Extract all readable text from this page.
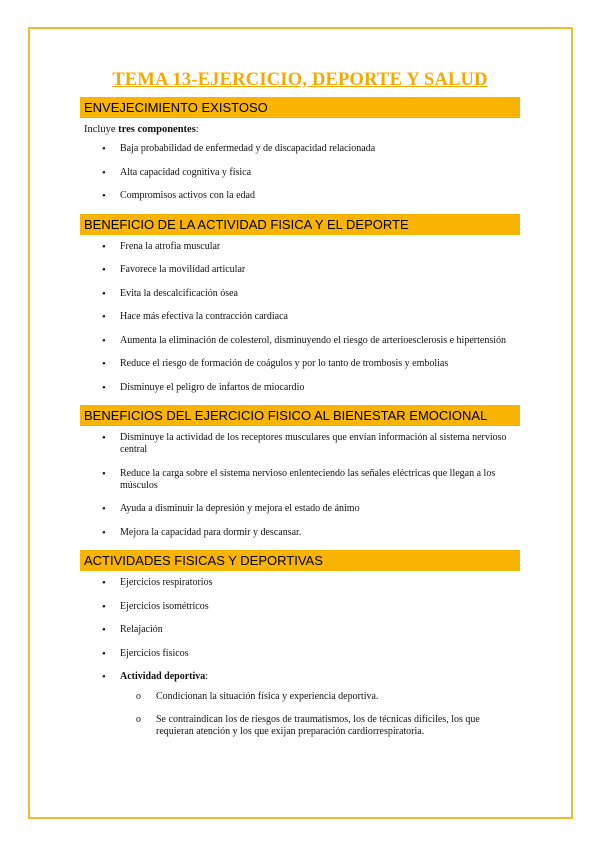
TEMA 13-EJERCICIO, DEPORTE Y SALUD
ENVEJECIMIENTO EXISTOSO
Incluye tres componentes:
• Baja probabilidad de enfermedad y de discapacidad relacionada
• Alta capacidad cognitiva y física
• Compromisos activos con la edad
BENEFICIO DE LA ACTIVIDAD FISICA Y EL DEPORTE
• Frena la atrofia muscular
• Favorece la movilidad articular
• Evita la descalcificación ósea
• Hace más efectiva la contracción cardiaca
• Aumenta la eliminación de colesterol, disminuyendo el riesgo de arterioesclerosis e hipertensión
• Reduce el riesgo de formación de coágulos y por lo tanto de trombosis y embolias
• Disminuye el peligro de infartos de miocardio
BENEFICIOS DEL EJERCICIO FISICO AL BIENESTAR EMOCIONAL
• Disminuye la actividad de los receptores musculares que envían información al sistema nervioso central
• Reduce la carga sobre el sistema nervioso enlenteciendo las señales eléctricas que llegan a los músculos
• Ayuda a disminuir la depresión y mejora el estado de ánimo
• Mejora la capacidad para dormir y descansar.
ACTIVIDADES FISICAS Y DEPORTIVAS
• Ejercicios respiratorios
• Ejercicios isométricos
• Relajación
• Ejercicios físicos
• Actividad deportiva:
o Condicionan la situación física y experiencia deportiva.
o Se contraindican los de riesgos de traumatismos, los de técnicas difíciles, los que requieran atención y los que exijan preparación cardiorrespiratoria.
